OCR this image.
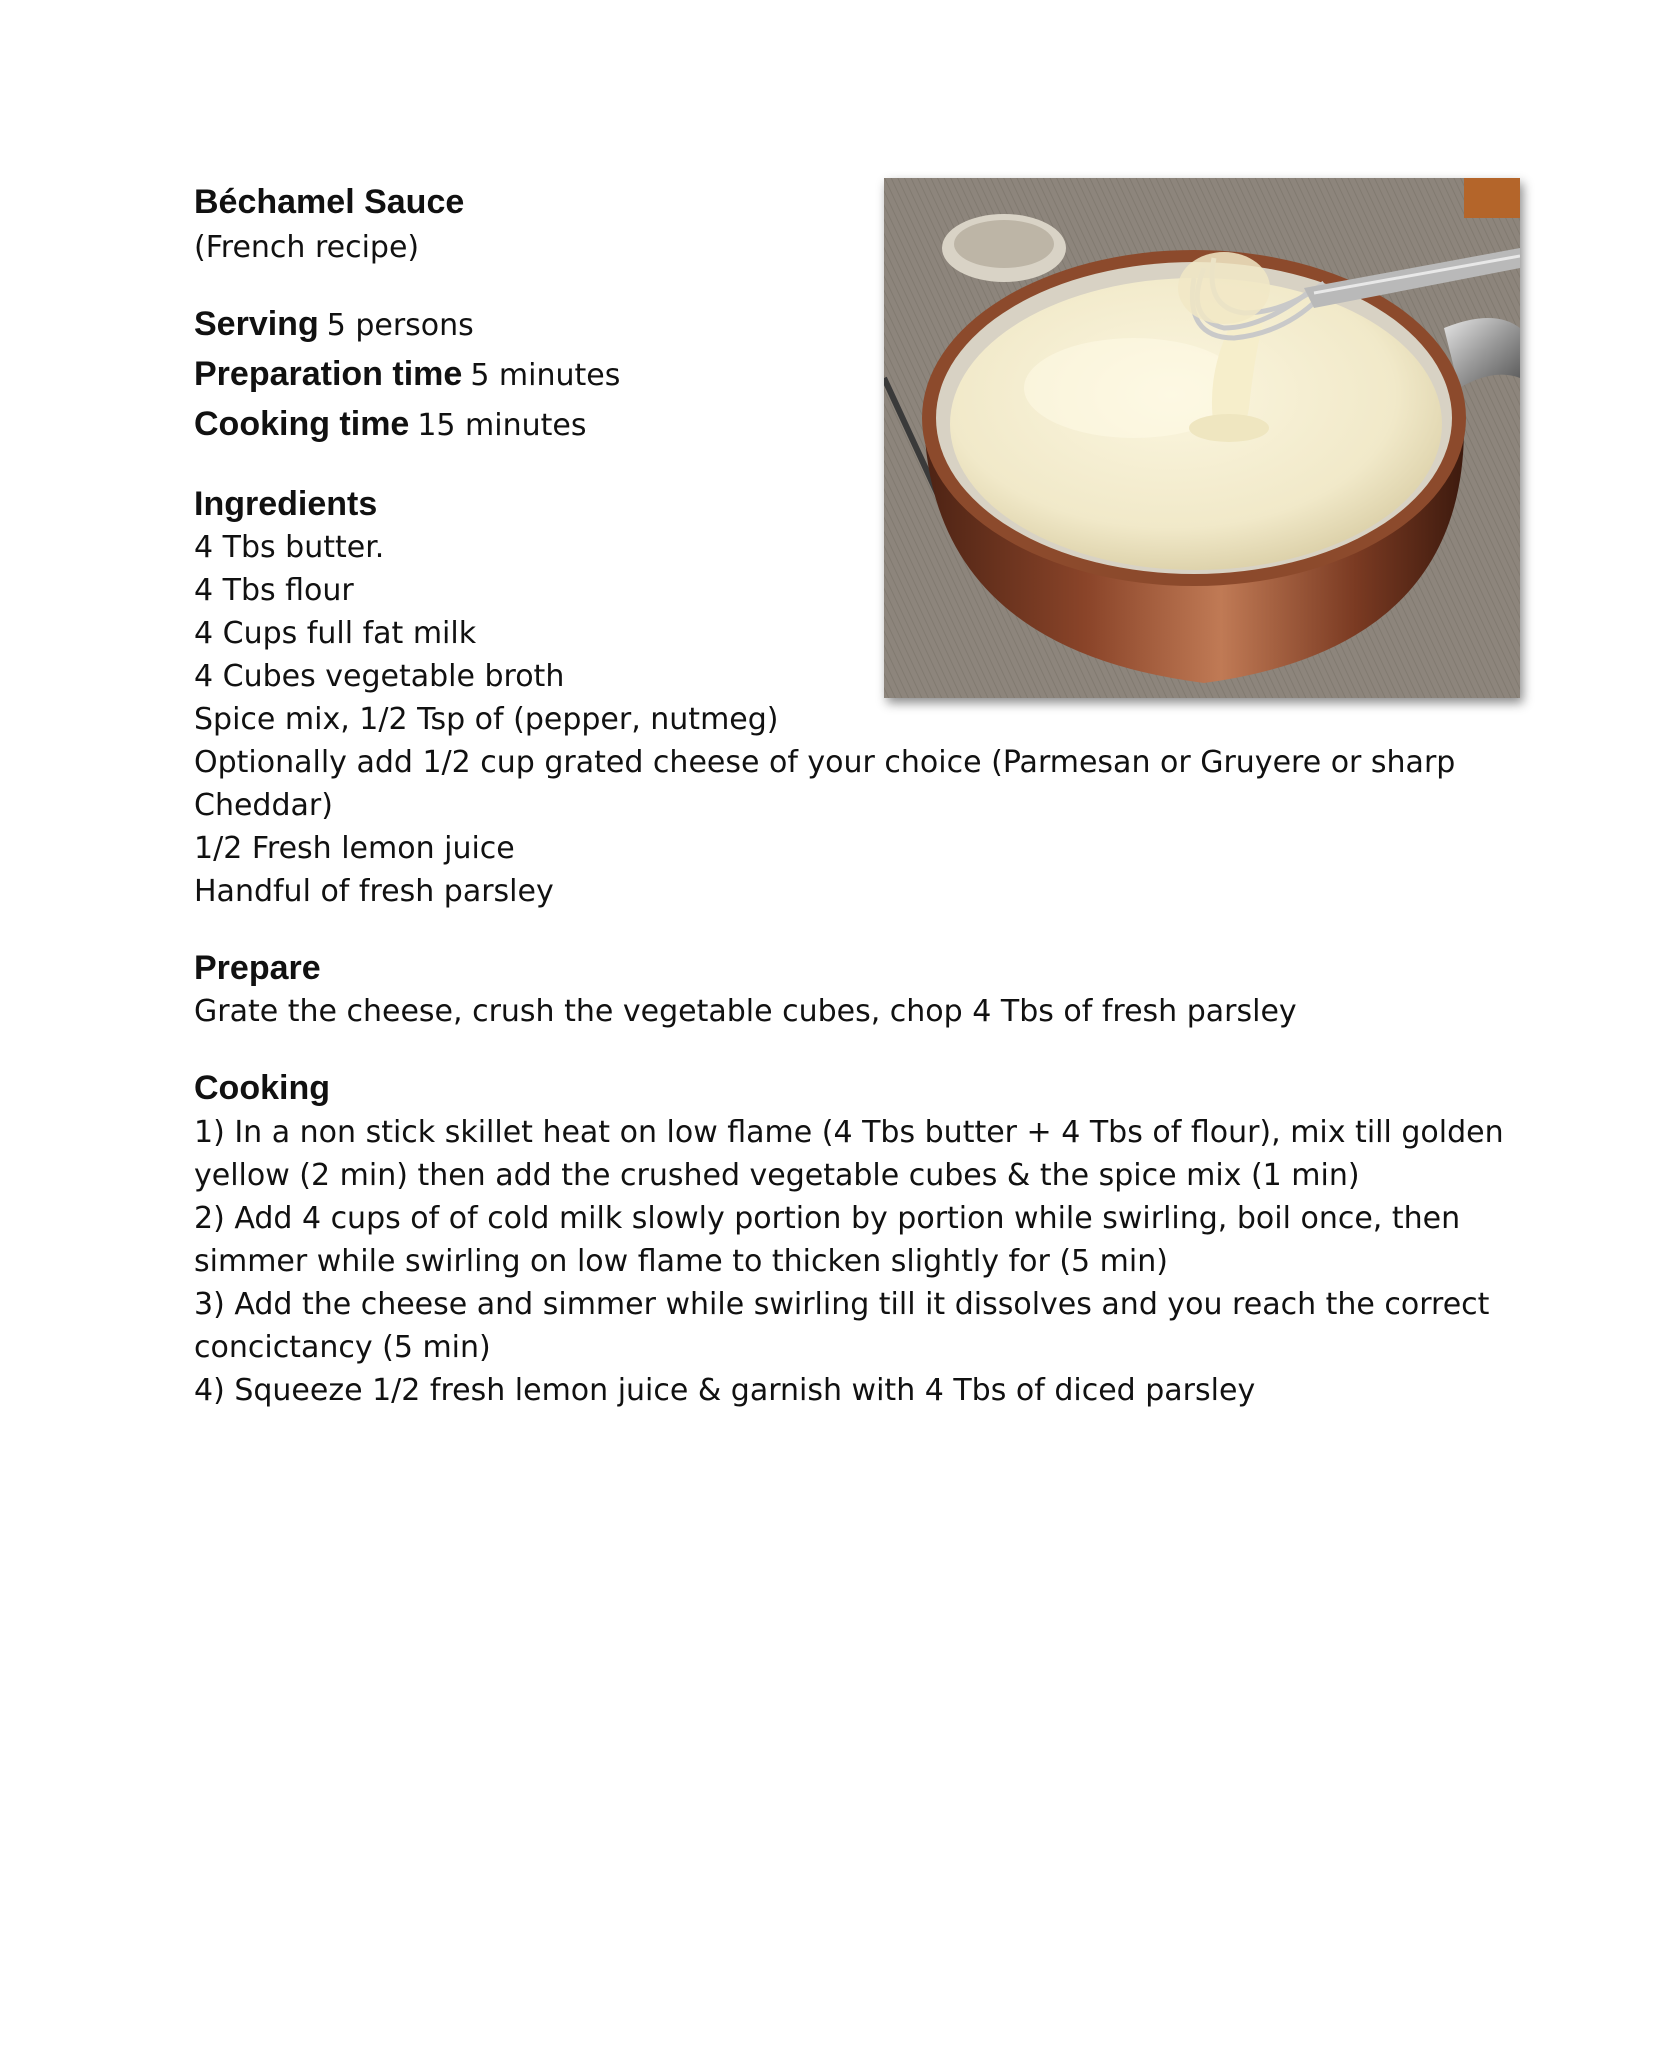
Béchamel Sauce
(French recipe)
Serving 5 persons
Preparation time 5 minutes
Cooking time 15 minutes
Ingredients
4 Tbs butter.
4 Tbs flour
4 Cups full fat milk
4 Cubes vegetable broth
Spice mix, 1/2 Tsp of (pepper, nutmeg)
Optionally add 1/2 cup grated cheese of your choice (Parmesan or Gruyere or sharp
Cheddar)
1/2 Fresh lemon juice
Handful of fresh parsley
Prepare
Grate the cheese, crush the vegetable cubes, chop 4 Tbs of fresh parsley
Cooking
1) In a non stick skillet heat on low flame (4 Tbs butter + 4 Tbs of flour), mix till golden
yellow (2 min) then add the crushed vegetable cubes & the spice mix (1 min)
2) Add 4 cups of of cold milk slowly portion by portion while swirling, boil once, then
simmer while swirling on low flame to thicken slightly for (5 min)
3) Add the cheese and simmer while swirling till it dissolves and you reach the correct
concictancy (5 min)
4) Squeeze 1/2 fresh lemon juice & garnish with 4 Tbs of diced parsley
